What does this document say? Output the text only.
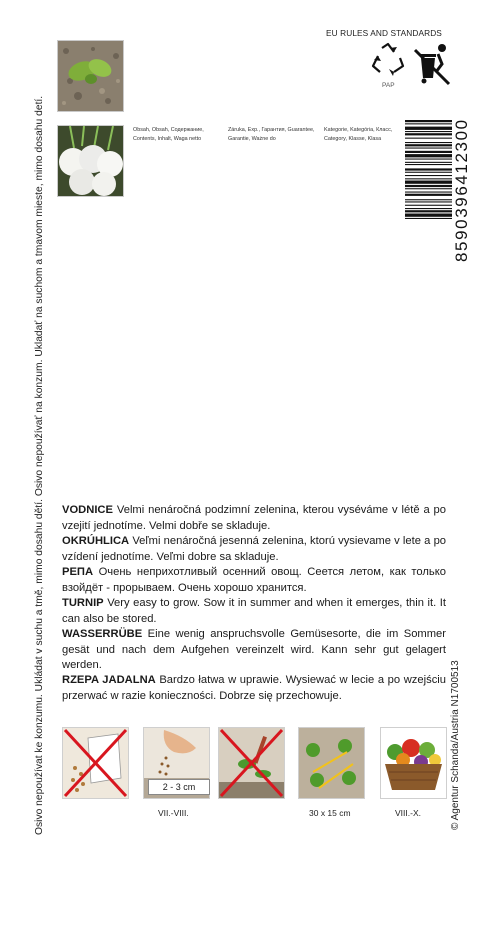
Osivo nepoužívat ke konzumu. Ukládat v suchu a tmě, mimo dosahu dětí. Osivo nepoužívať na konzum. Ukladať na suchom a tmavom mieste, mimo dosahu detí.
EU RULES AND STANDARDS
PAP
Obsah, Obsah, Содержание, Contents, Inhalt, Waga netto
Záruka, Exp., Гарантия, Guarantee, Garantie, Ważne do
Kategorie, Kategória, Класс, Category, Klasse, Klasa	8590396412300
© Agentur Schanda/Austria N1700513
VODNICE Velmi nenáročná podzimní zelenina, kterou vyséváme v létě a po vzejití jednotíme. Velmi dobře se skladuje.
OKRÚHLICA Veľmi nenáročná jesenná zelenina, ktorú vysievame v lete a po vzídení jednotíme. Veľmi dobre sa skladuje.
РЕПА Очень неприхотливый осенний овощ. Сеется летом, как только взойдёт - прорываем. Очень хорошо хранится.
TURNIP Very easy to grow. Sow it in summer and when it emerges, thin it. It can also be stored.
WASSERRÜBE Eine wenig anspruchsvolle Gemüsesorte, die im Sommer gesät und nach dem Aufgehen vereinzelt wird. Kann sehr gut gelagert werden.
RZEPA JADALNA Bardzo łatwa w uprawie. Wysiewać w lecie a po wzejściu przerwać w razie konieczności. Dobrze się przechowuje.
2 - 3 cm
VII.-VIII.	30 x 15 cm	VIII.-X.
